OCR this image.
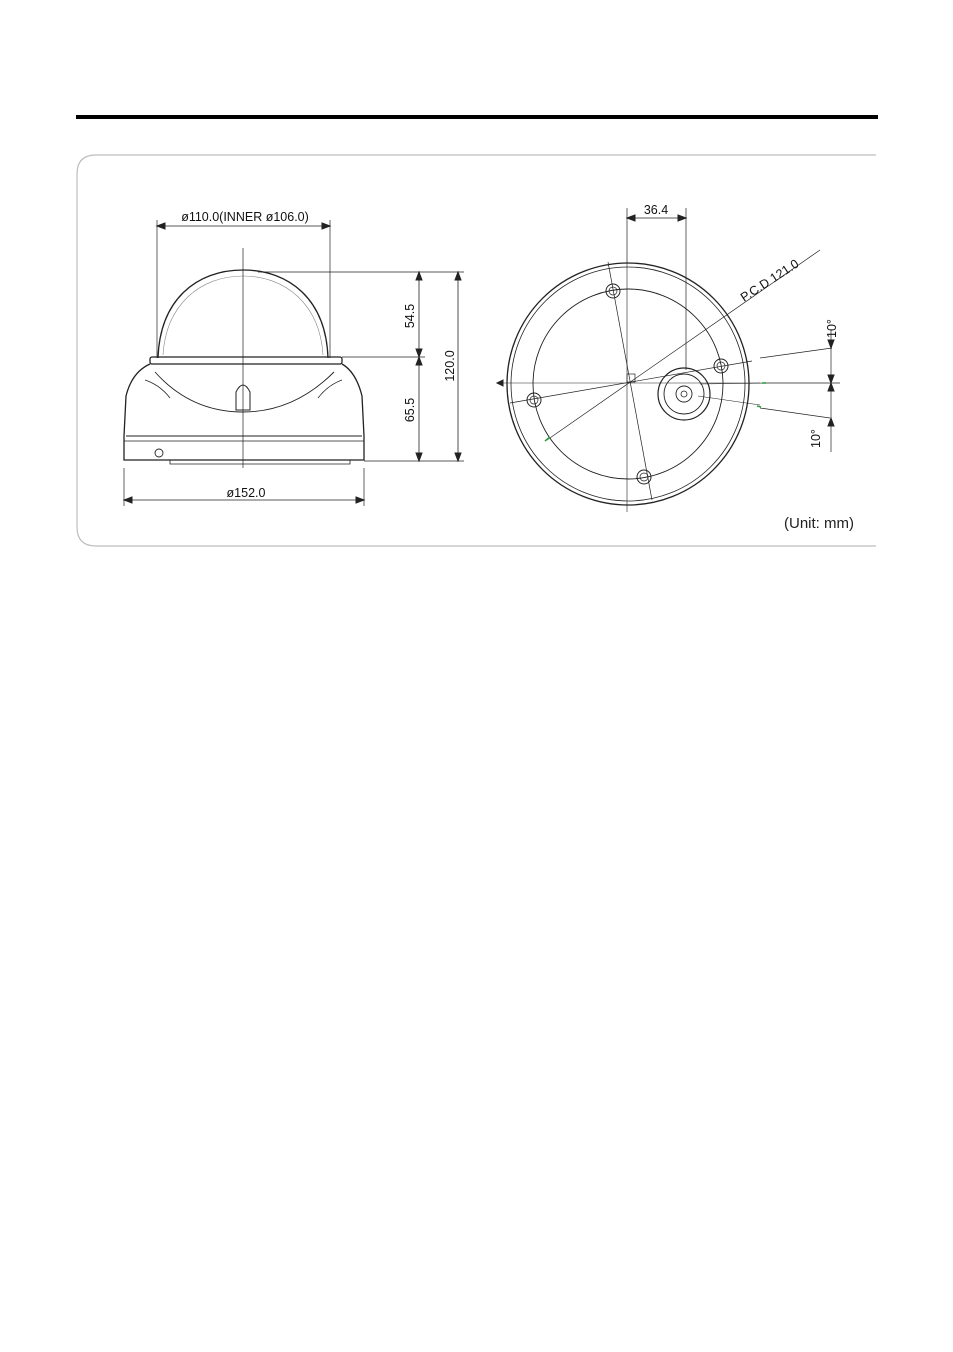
ø110.0(INNER ø106.0)
ø152.0
54.5
65.5
120.0
36.4
P.C.D 121.0
10°
10°
(Unit: mm)
